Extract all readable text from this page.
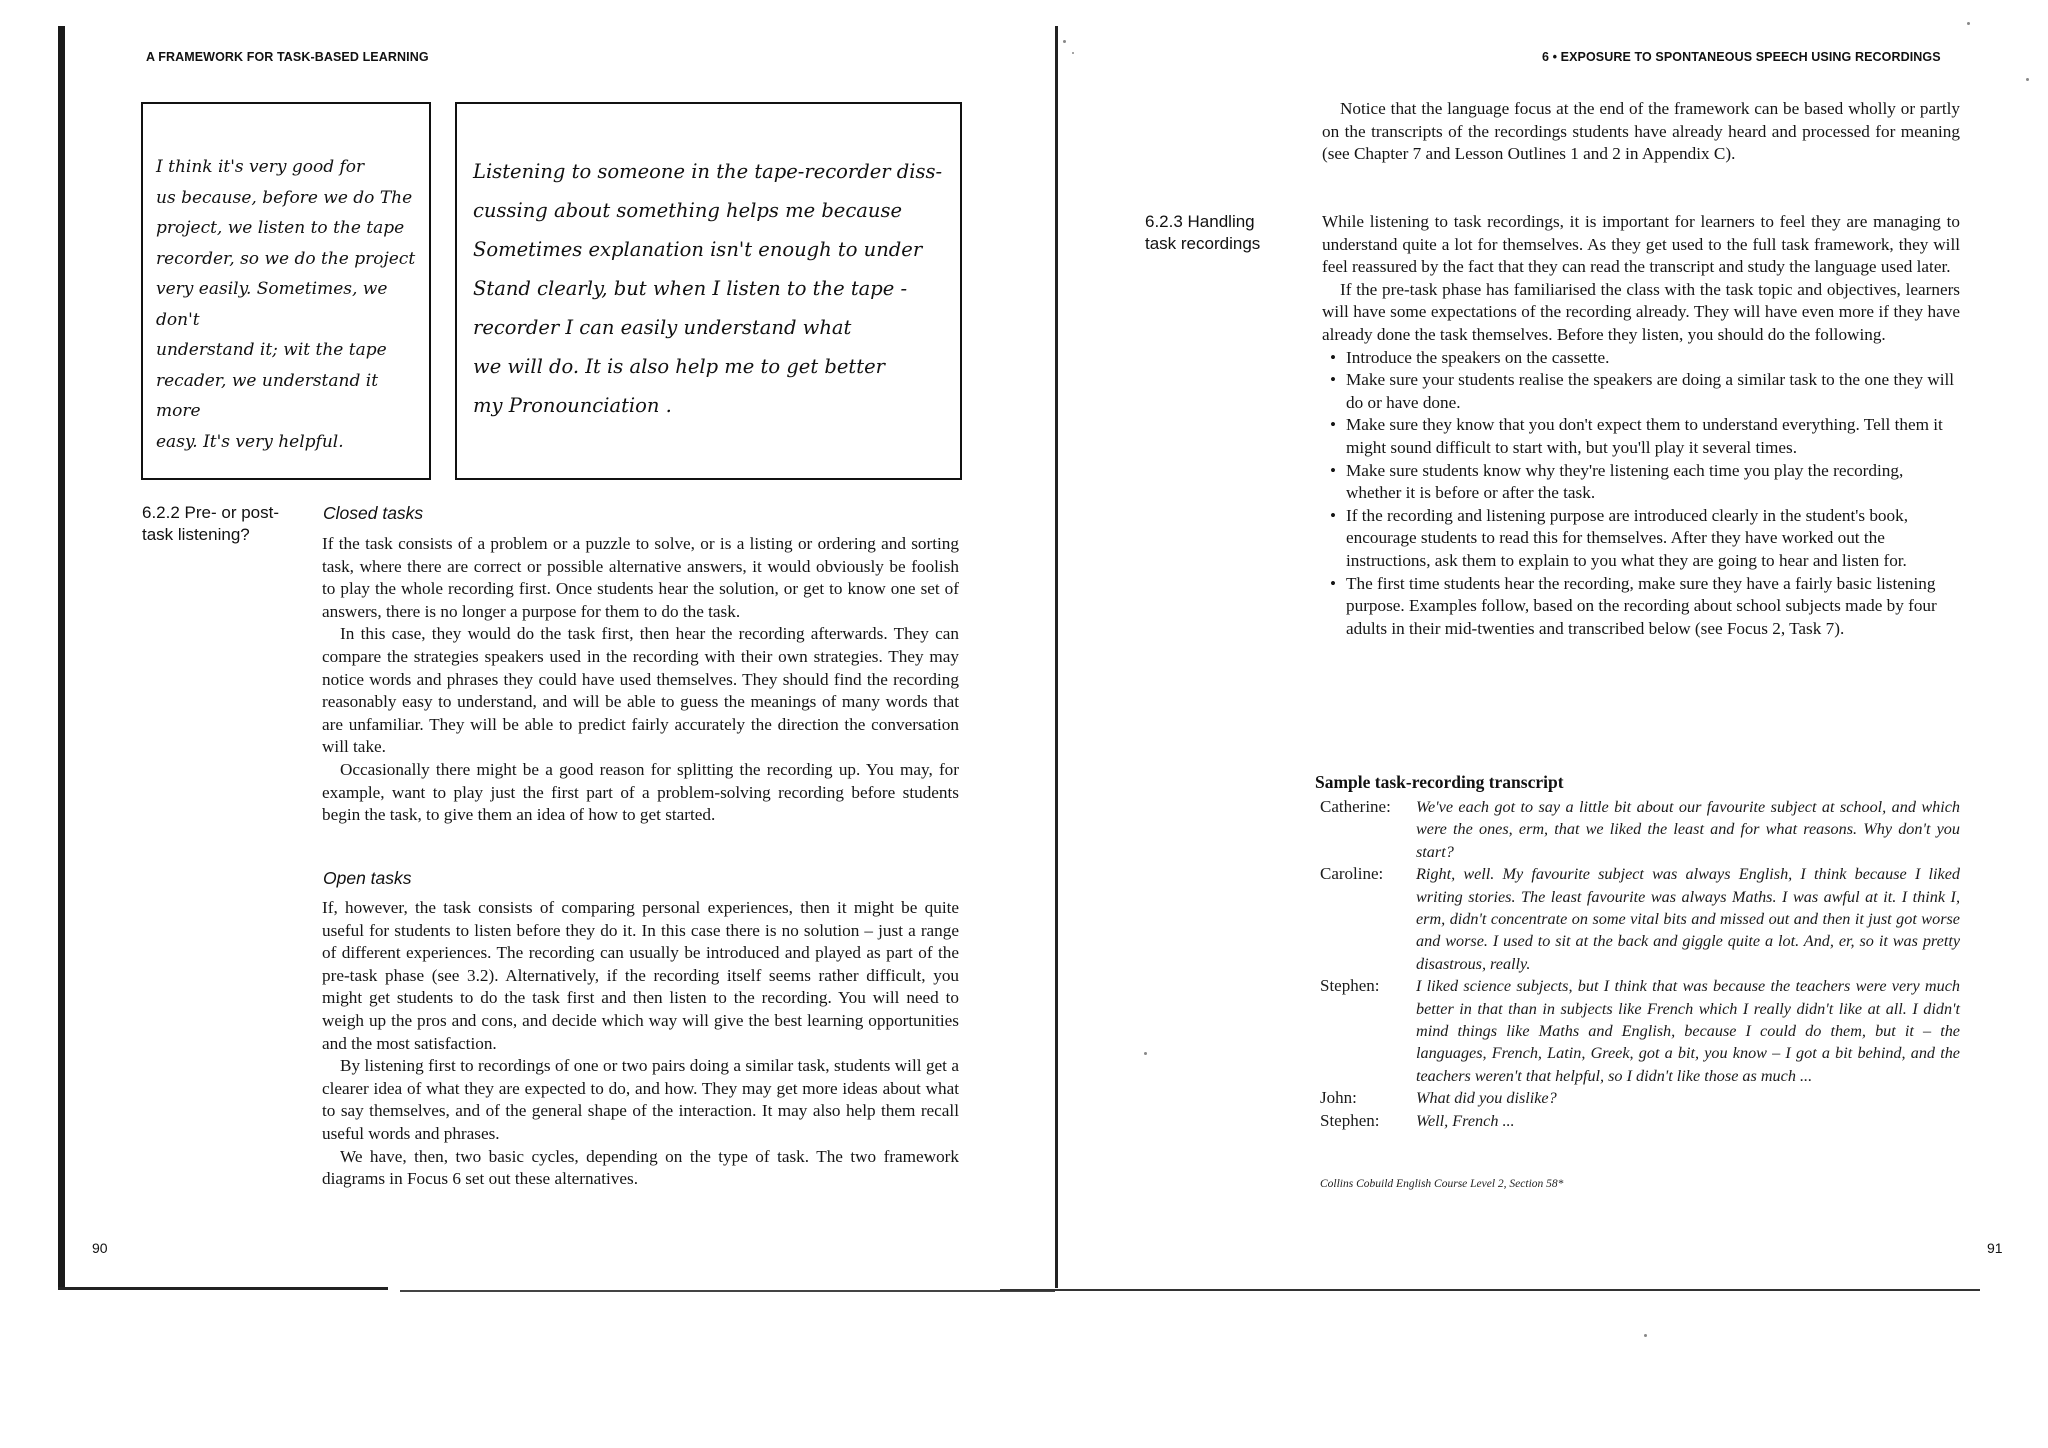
A FRAMEWORK FOR TASK-BASED LEARNING
I think it's very good for
us because, before we do The
project, we listen to the tape
recorder, so we do the project
very easily. Sometimes, we don't
understand it; wit the tape
recader, we understand it more
easy. It's very helpful.
Listening to someone in the tape-recorder diss-
cussing about something helps me because
Sometimes explanation isn't enough to under
Stand clearly, but when I listen to the tape -
recorder I can easily understand what
we will do. It is also help me to get better
my Pronounciation .
6.2.2 Pre- or post-
task listening?
Closed tasks

If the task consists of a problem or a puzzle to solve, or is a listing or ordering and sorting task, where there are correct or possible alternative answers, it would obviously be foolish to play the whole recording first. Once students hear the solution, or get to know one set of answers, there is no longer a purpose for them to do the task.

In this case, they would do the task first, then hear the recording afterwards. They can compare the strategies speakers used in the recording with their own strategies. They may notice words and phrases they could have used themselves. They should find the recording reasonably easy to understand, and will be able to guess the meanings of many words that are unfamiliar. They will be able to predict fairly accurately the direction the conversation will take.

Occasionally there might be a good reason for splitting the recording up. You may, for example, want to play just the first part of a problem-solving recording before students begin the task, to give them an idea of how to get started.

Open tasks

If, however, the task consists of comparing personal experiences, then it might be quite useful for students to listen before they do it. In this case there is no solution – just a range of different experiences. The recording can usually be introduced and played as part of the pre-task phase (see 3.2). Alternatively, if the recording itself seems rather difficult, you might get students to do the task first and then listen to the recording. You will need to weigh up the pros and cons, and decide which way will give the best learning opportunities and the most satisfaction.

By listening first to recordings of one or two pairs doing a similar task, students will get a clearer idea of what they are expected to do, and how. They may get more ideas about what to say themselves, and of the general shape of the interaction. It may also help them recall useful words and phrases.

We have, then, two basic cycles, depending on the type of task. The two framework diagrams in Focus 6 set out these alternatives.

90
6 • EXPOSURE TO SPONTANEOUS SPEECH USING RECORDINGS

Notice that the language focus at the end of the framework can be based wholly or partly on the transcripts of the recordings students have already heard and processed for meaning (see Chapter 7 and Lesson Outlines 1 and 2 in Appendix C).

6.2.3 Handling
task recordings

While listening to task recordings, it is important for learners to feel they are managing to understand quite a lot for themselves. As they get used to the full task framework, they will feel reassured by the fact that they can read the transcript and study the language used later.

If the pre-task phase has familiarised the class with the task topic and objectives, learners will have some expectations of the recording already. They will have even more if they have already done the task themselves. Before they listen, you should do the following.

• Introduce the speakers on the cassette.
• Make sure your students realise the speakers are doing a similar task to the one they will do or have done.
• Make sure they know that you don't expect them to understand everything. Tell them it might sound difficult to start with, but you'll play it several times.
• Make sure students know why they're listening each time you play the recording, whether it is before or after the task.
• If the recording and listening purpose are introduced clearly in the student's book, encourage students to read this for themselves. After they have worked out the instructions, ask them to explain to you what they are going to hear and listen for.
• The first time students hear the recording, make sure they have a fairly basic listening purpose. Examples follow, based on the recording about school subjects made by four adults in their mid-twenties and transcribed below (see Focus 2, Task 7).
Sample task-recording transcript
Catherine:	We've each got to say a little bit about our favourite subject at school, and which were the ones, erm, that we liked the least and for what reasons. Why don't you start?
Caroline:	Right, well. My favourite subject was always English, I think because I liked writing stories. The least favourite was always Maths. I was awful at it. I think I, erm, didn't concentrate on some vital bits and missed out and then it just got worse and worse. I used to sit at the back and giggle quite a lot. And, er, so it was pretty disastrous, really.
Stephen:	I liked science subjects, but I think that was because the teachers were very much better in that than in subjects like French which I really didn't like at all. I didn't mind things like Maths and English, because I could do them, but it – the languages, French, Latin, Greek, got a bit, you know – I got a bit behind, and the teachers weren't that helpful, so I didn't like those as much ...
John:	What did you dislike?
Stephen:	Well, French ...
Collins Cobuild English Course Level 2, Section 58*
91
